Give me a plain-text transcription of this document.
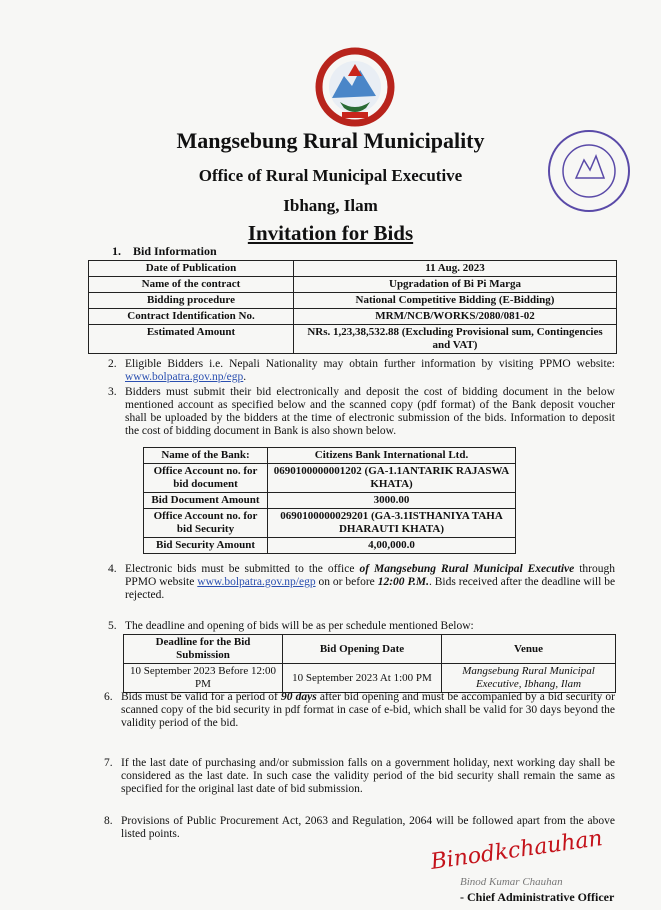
Mangsebung Rural Municipality
Office of Rural Municipal Executive
Ibhang, Ilam
Invitation for Bids
1. Bid Information
Date of Publication	11 Aug. 2023
Name of the contract	Upgradation of Bi Pi Marga
Bidding procedure	National Competitive Bidding (E-Bidding)
Contract Identification No.	MRM/NCB/WORKS/2080/081-02
Estimated Amount	NRs. 1,23,38,532.88 (Excluding Provisional sum, Contingencies and VAT)
2. Eligible Bidders i.e. Nepali Nationality may obtain further information by visiting PPMO website: www.bolpatra.gov.np/egp.
3. Bidders must submit their bid electronically and deposit the cost of bidding document in the below mentioned account as specified below and the scanned copy (pdf format) of the Bank deposit voucher shall be uploaded by the bidders at the time of electronic submission of the bids. Information to deposit the cost of bidding document in Bank is also shown below.
Name of the Bank:	Citizens Bank International Ltd.
Office Account no. for bid document	0690100000001202 (GA-1.1ANTARIK RAJASWA KHATA)
Bid Document Amount	3000.00
Office Account no. for bid Security	0690100000029201 (GA-3.1ISTHANIYA TAHA DHARAUTI KHATA)
Bid Security Amount	4,00,000.0
4. Electronic bids must be submitted to the office of Mangsebung Rural Municipal Executive through PPMO website www.bolpatra.gov.np/egp on or before 12:00 P.M.. Bids received after the deadline will be rejected.
5. The deadline and opening of bids will be as per schedule mentioned Below:
Deadline for the Bid Submission	Bid Opening Date	Venue
10 September 2023 Before 12:00 PM	10 September 2023 At 1:00 PM	Mangsebung Rural Municipal Executive, Ibhang, Ilam
6. Bids must be valid for a period of 90 days after bid opening and must be accompanied by a bid security or scanned copy of the bid security in pdf format in case of e-bid, which shall be valid for 30 days beyond the validity period of the bid.
7. If the last date of purchasing and/or submission falls on a government holiday, next working day shall be considered as the last date. In such case the validity period of the bid security shall remain the same as specified for the original last date of bid submission.
8. Provisions of Public Procurement Act, 2063 and Regulation, 2064 will be followed apart from the above listed points.	Binodkchauhan
Binod Kumar Chauhan
- Chief Administrative Officer
